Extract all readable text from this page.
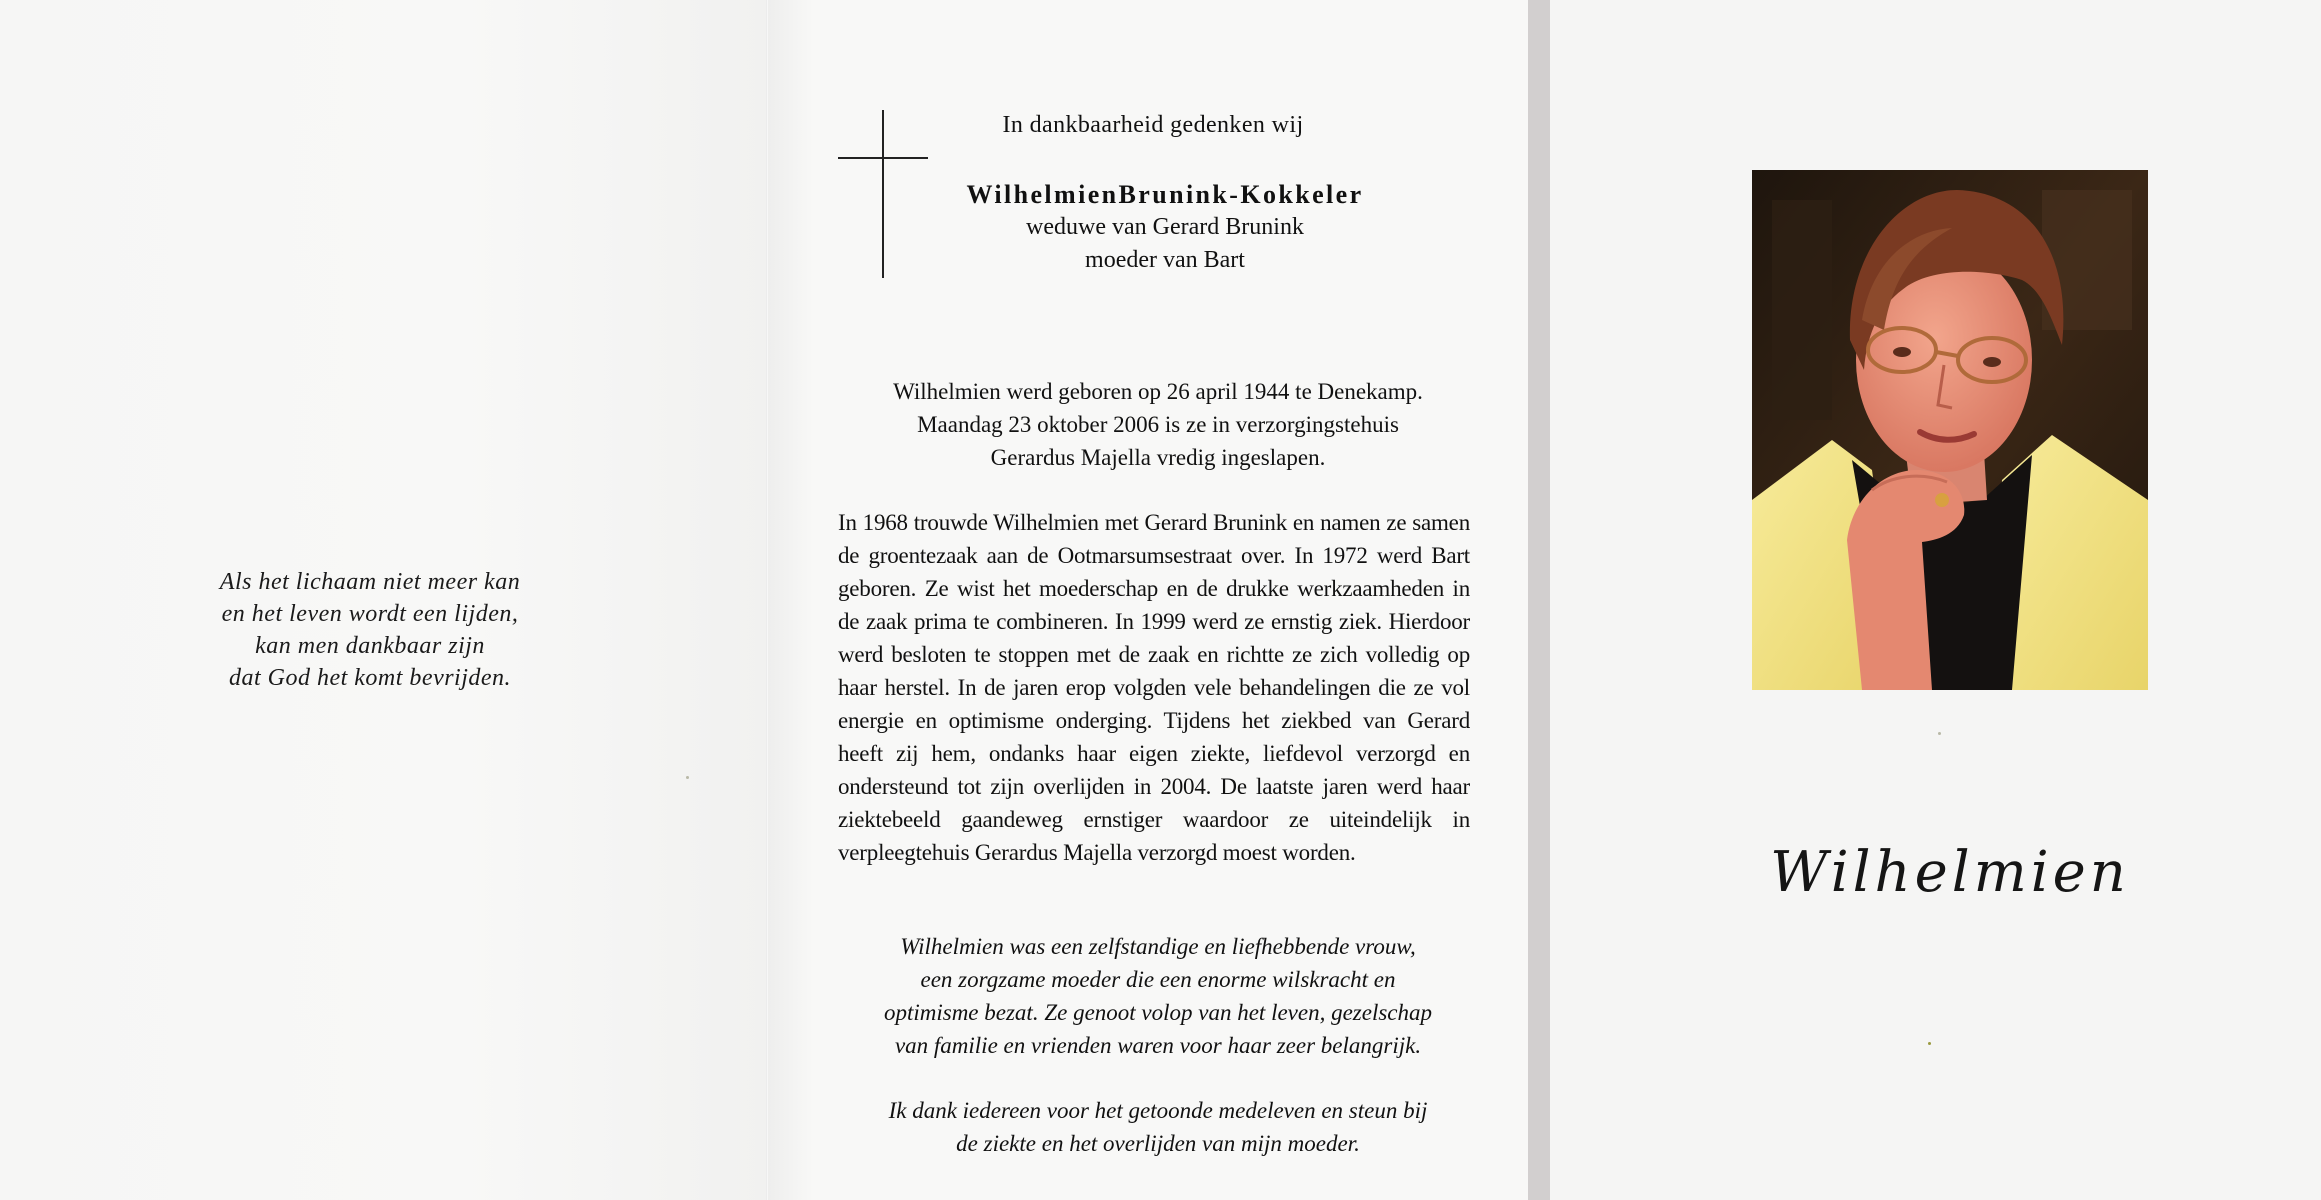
Als het lichaam niet meer kan
en het leven wordt een lijden,
kan men dankbaar zijn
dat God het komt bevrijden.
In dankbaarheid gedenken wij
WilhelmienBrunink-Kokkeler
weduwe van Gerard Brunink
moeder van Bart
Wilhelmien werd geboren op 26 april 1944 te Denekamp.
Maandag 23 oktober 2006 is ze in verzorgingstehuis
Gerardus Majella vredig ingeslapen.
In 1968 trouwde Wilhelmien met Gerard Brunink en namen ze samen de groentezaak aan de Ootmarsumsestraat over. In 1972 werd Bart geboren. Ze wist het moederschap en de drukke werkzaamheden in de zaak prima te combineren. In 1999 werd ze ernstig ziek. Hierdoor werd besloten te stoppen met de zaak en richtte ze zich volledig op haar herstel. In de jaren erop volgden vele behandelingen die ze vol energie en optimisme onderging. Tijdens het ziekbed van Gerard heeft zij hem, ondanks haar eigen ziekte, liefdevol verzorgd en ondersteund tot zijn overlijden in 2004. De laatste jaren werd haar ziektebeeld gaandeweg ernstiger waardoor ze uiteindelijk in verpleegtehuis Gerardus Majella verzorgd moest worden.
Wilhelmien was een zelfstandige en liefhebbende vrouw,
een zorgzame moeder die een enorme wilskracht en
optimisme bezat. Ze genoot volop van het leven, gezelschap
van familie en vrienden waren voor haar zeer belangrijk.
Ik dank iedereen voor het getoonde medeleven en steun bij
de ziekte en het overlijden van mijn moeder.
Wilhelmien
